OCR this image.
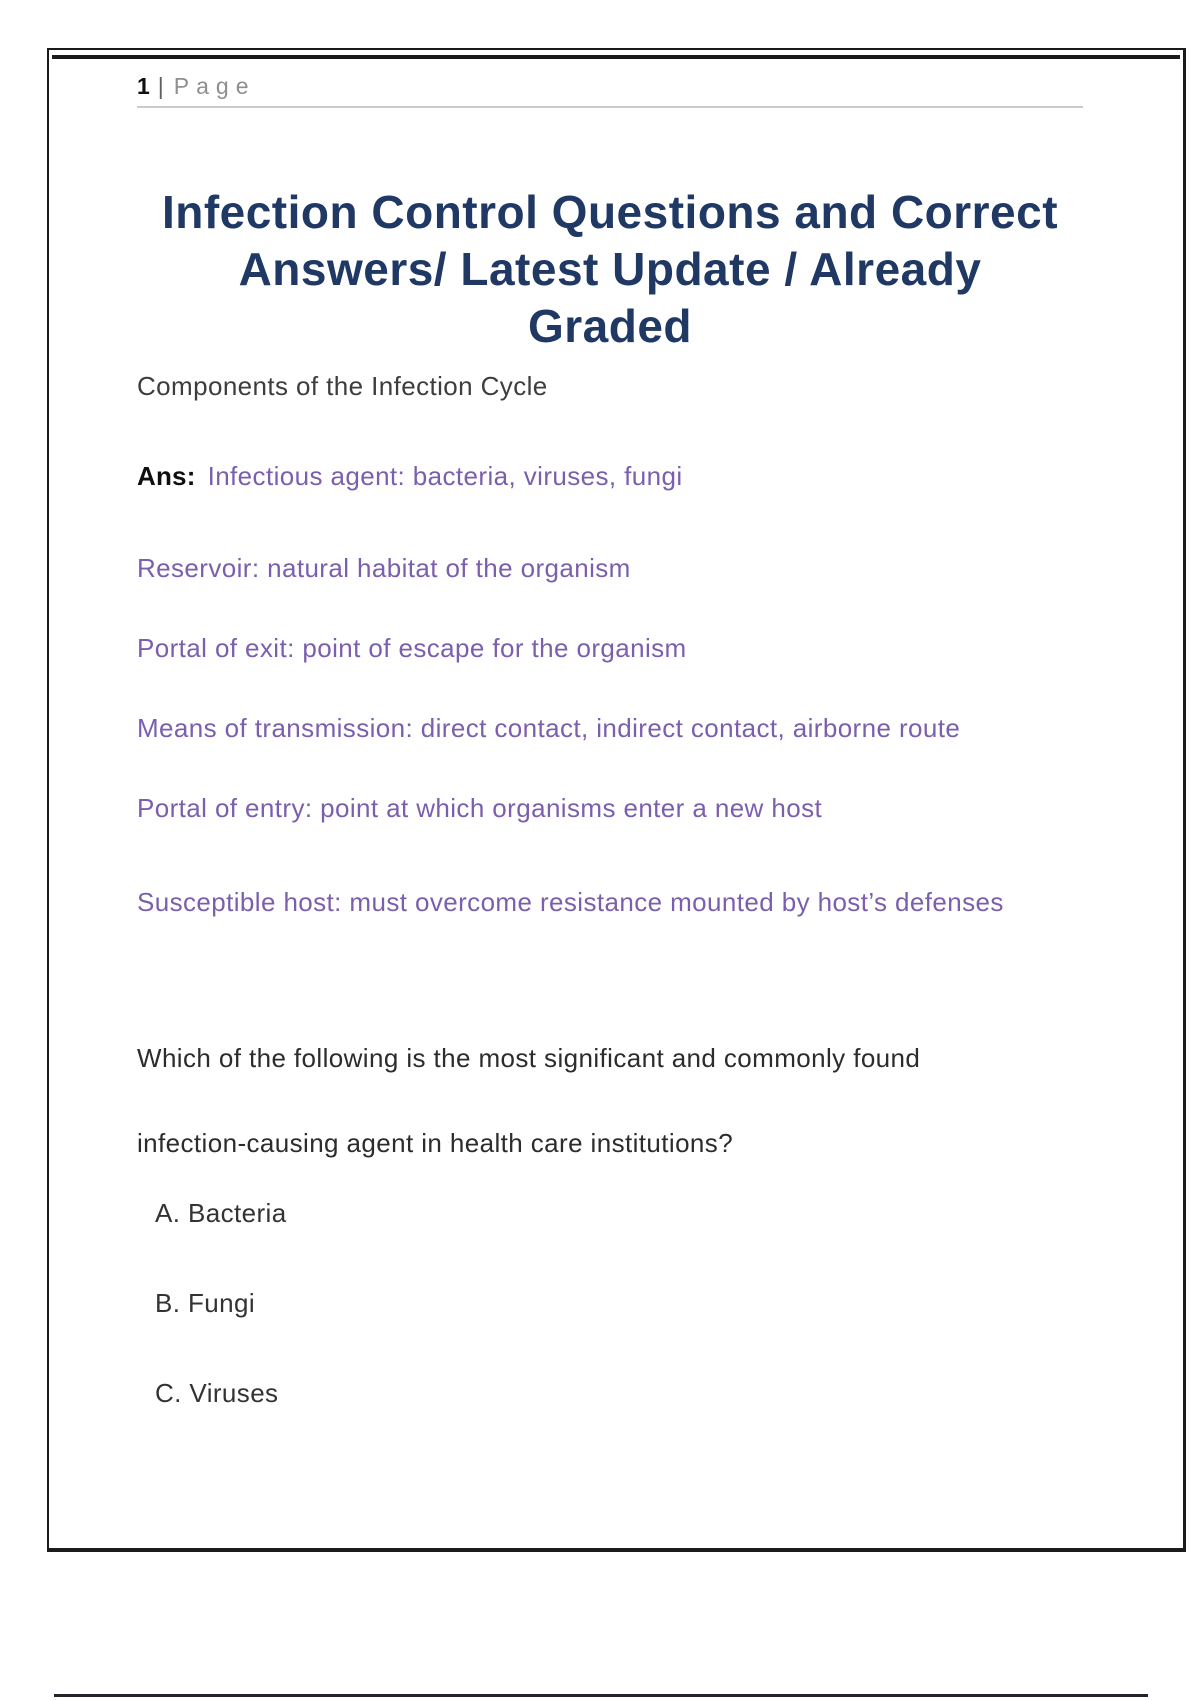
1 | Page
Infection Control Questions and Correct
Answers/ Latest Update / Already
Graded

Components of the Infection Cycle

Ans: Infectious agent: bacteria, viruses, fungi

Reservoir: natural habitat of the organism

Portal of exit: point of escape for the organism

Means of transmission: direct contact, indirect contact, airborne route

Portal of entry: point at which organisms enter a new host

Susceptible host: must overcome resistance mounted by host’s defenses

Which of the following is the most significant and commonly found

infection-causing agent in health care institutions?

A. Bacteria

B. Fungi

C. Viruses
